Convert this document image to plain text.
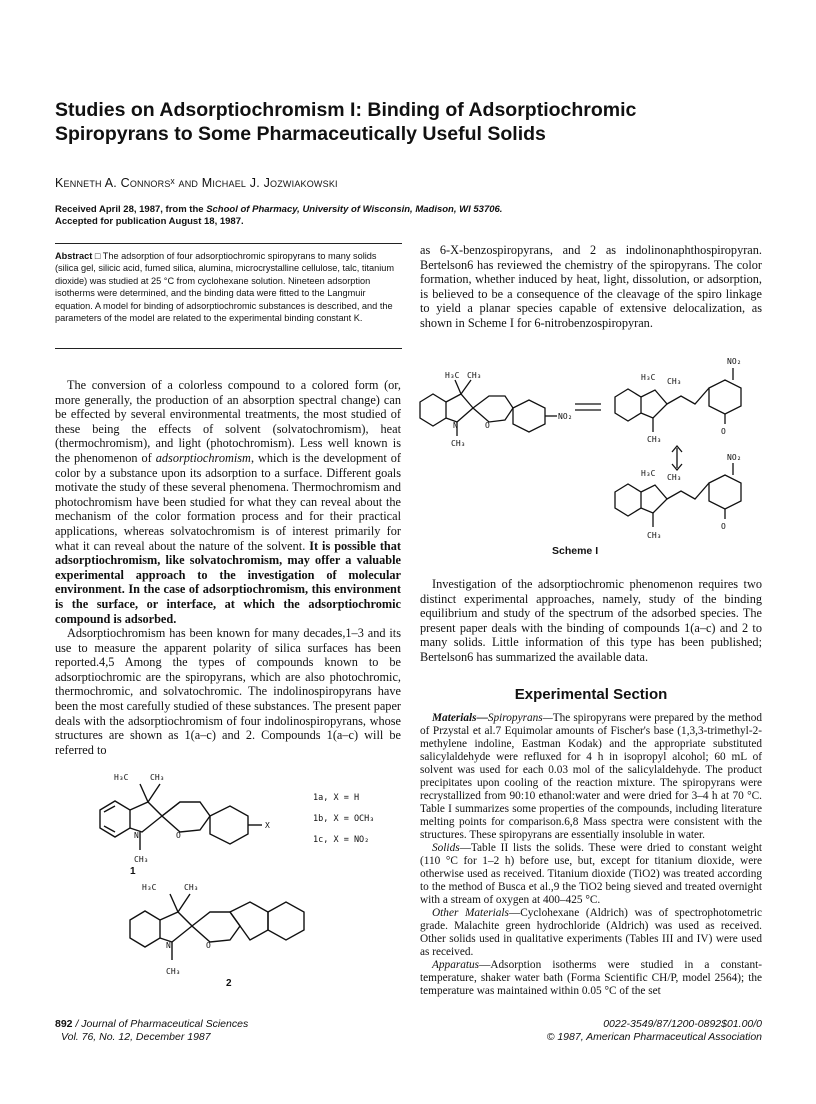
Studies on Adsorptiochromism I: Binding of Adsorptiochromic Spiropyrans to Some Pharmaceutically Useful Solids
Kenneth A. Connorsˣ and Michael J. Jozwiakowski
Received April 28, 1987, from the School of Pharmacy, University of Wisconsin, Madison, WI 53706.
Accepted for publication August 18, 1987.
Abstract □ The adsorption of four adsorptiochromic spiropyrans to many solids (silica gel, silicic acid, fumed silica, alumina, microcrystalline cellulose, talc, titanium dioxide) was studied at 25 °C from cyclohexane solution. Nineteen adsorption isotherms were determined, and the binding data were fitted to the Langmuir equation. A model for binding of adsorptiochromic substances is described, and the parameters of the model are related to the experimental binding constant K.

The conversion of a colorless compound to a colored form (or, more generally, the production of an absorption spectral change) can be effected by several environmental treatments, the most studied of these being the effects of solvent (solvatochromism), heat (thermochromism), and light (photochromism). Less well known is the phenomenon of adsorptiochromism, which is the development of color by a substance upon its adsorption to a surface. Different goals motivate the study of these several phenomena. Thermochromism and photochromism have been studied for what they can reveal about the mechanism of the color formation process and for their practical applications, whereas solvatochromism is of interest primarily for what it can reveal about the nature of the solvent. It is possible that adsorptiochromism, like solvatochromism, may offer a valuable experimental approach to the investigation of molecular environment. In the case of adsorptiochromism, this environment is the surface, or interface, at which the adsorptiochromic compound is adsorbed.

Adsorptiochromism has been known for many decades,1–3 and its use to measure the apparent polarity of silica surfaces has been reported.4,5 Among the types of compounds known to be adsorptiochromic are the spiropyrans, which are also photochromic, thermochromic, and solvatochromic. The indolinospiropyrans have been the most carefully studied of these substances. The present paper deals with the adsorptiochromism of four indolinospiropyrans, whose structures are shown as 1(a–c) and 2. Compounds 1(a–c) will be referred to

H₃C	CH₃
N	O
X
CH₃
1
1a, X = H
1b, X = OCH₃
1c, X = NO₂
H₃C	CH₃
N	O
CH₃
2

as 6-X-benzospiropyrans, and 2 as indolinonaphthospiropyran. Bertelson6 has reviewed the chemistry of the spiropyrans. The color formation, whether induced by heat, light, dissolution, or adsorption, is believed to be a consequence of the cleavage of the spiro linkage to yield a planar species capable of extensive delocalization, as shown in Scheme I for 6-nitrobenzospiropyran.

H₃C CH₃
N	O
NO₂
CH₃
H₃C CH₃
NO₂
O
CH₃
H₃C CH₃
NO₂
O
CH₃
Scheme I

Investigation of the adsorptiochromic phenomenon requires two distinct experimental approaches, namely, study of the binding equilibrium and study of the spectrum of the adsorbed species. The present paper deals with the binding of compounds 1(a–c) and 2 to many solids. Little information of this type has been published; Bertelson6 has summarized the available data.

Experimental Section

Materials—Spiropyrans—The spiropyrans were prepared by the method of Przystal et al.7 Equimolar amounts of Fischer's base (1,3,3-trimethyl-2-methylene indoline, Eastman Kodak) and the appropriate substituted salicylaldehyde were refluxed for 4 h in isopropyl alcohol; 60 mL of solvent was used for each 0.03 mol of the salicylaldehyde. The product precipitates upon cooling of the reaction mixture. The spiropyrans were recrystallized from 90:10 ethanol:water and were dried for 3–4 h at 70 °C. Table I summarizes some properties of the compounds, including literature melting points for comparison.6,8 Mass spectra were consistent with the structures. These spiropyrans are essentially insoluble in water.

Solids—Table II lists the solids. These were dried to constant weight (110 °C for 1–2 h) before use, but, except for titanium dioxide, were otherwise used as received. Titanium dioxide (TiO2) was treated according to the method of Busca et al.,9 the TiO2 being sieved and treated overnight with a stream of oxygen at 400–425 °C.

Other Materials—Cyclohexane (Aldrich) was of spectrophotometric grade. Malachite green hydrochloride (Aldrich) was used as received. Other solids used in qualitative experiments (Tables III and IV) were used as received.

Apparatus—Adsorption isotherms were studied in a constant-temperature, shaker water bath (Forma Scientific CH/P, model 2564); the temperature was maintained within 0.05 °C of the set

892 / Journal of Pharmaceutical Sciences
Vol. 76, No. 12, December 1987
0022-3549/87/1200-0892$01.00/0
© 1987, American Pharmaceutical Association
